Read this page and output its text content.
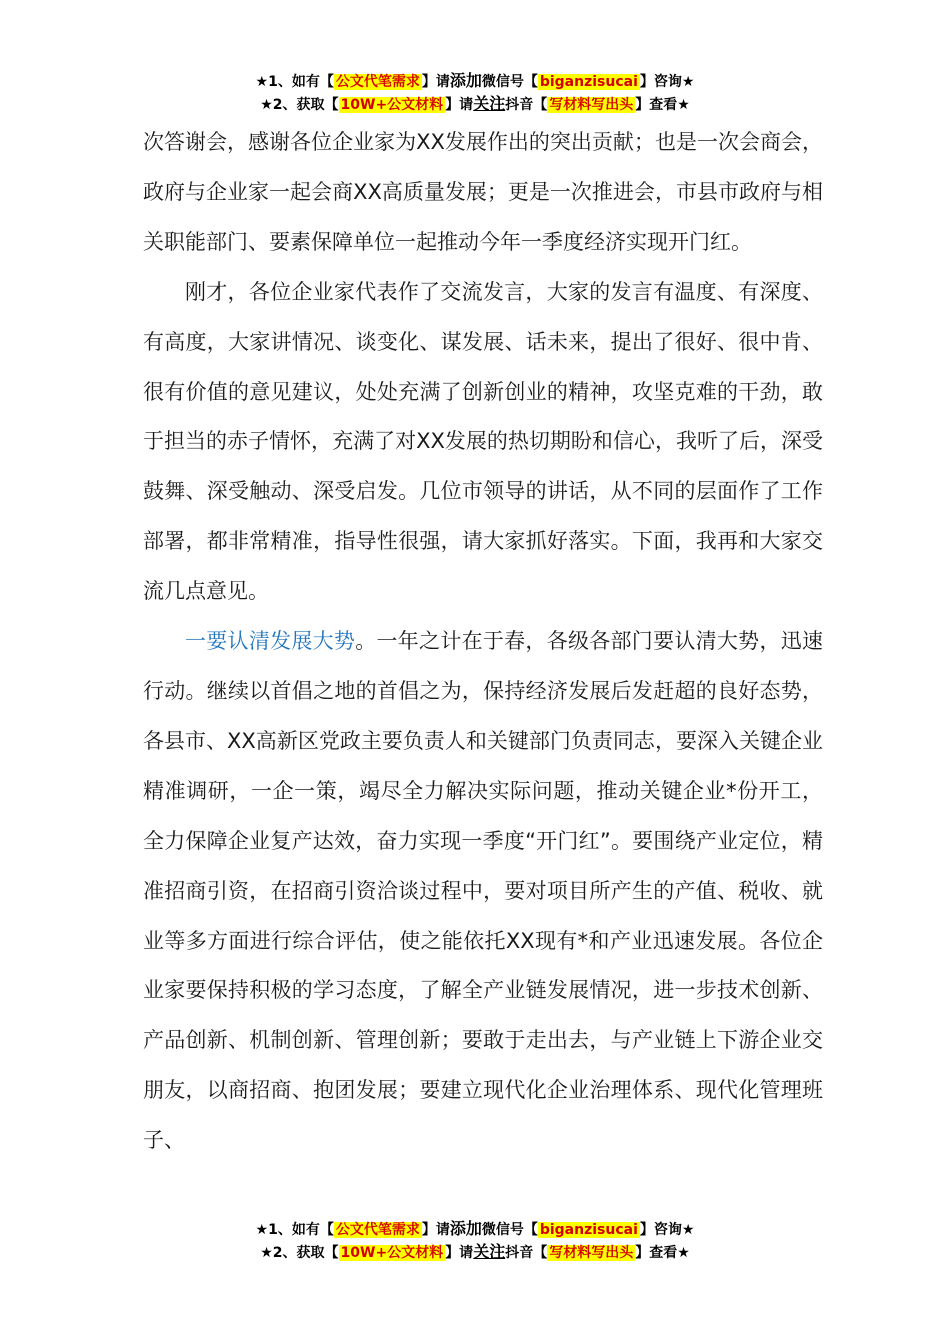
★1、如有【 公文代笔需求 】请添加微信号【 biganzisucai 】咨询★
★2、获取【 10W+公文材料 】请关注抖音【 写材料写出头 】查看★

次答谢会，感谢各位企业家为XX发展作出的突出贡献；也是一次会商会，政府与企业家一起会商XX高质量发展；更是一次推进会，市县市政府与相关职能部门、要素保障单位一起推动今年一季度经济实现开门红。

刚才，各位企业家代表作了交流发言，大家的发言有温度、有深度、有高度，大家讲情况、谈变化、谋发展、话未来，提出了很好、很中肯、很有价值的意见建议，处处充满了创新创业的精神，攻坚克难的干劲，敢于担当的赤子情怀，充满了对XX发展的热切期盼和信心，我听了后，深受鼓舞、深受触动、深受启发。几位市领导的讲话，从不同的层面作了工作部署，都非常精准，指导性很强，请大家抓好落实。下面，我再和大家交流几点意见。

一要认清发展大势。一年之计在于春，各级各部门要认清大势，迅速行动。继续以首倡之地的首倡之为，保持经济发展后发赶超的良好态势，各县市、XX高新区党政主要负责人和关键部门负责同志，要深入关键企业精准调研，一企一策，竭尽全力解决实际问题，推动关键企业*份开工，全力保障企业复产达效，奋力实现一季度“开门红”。要围绕产业定位，精准招商引资，在招商引资洽谈过程中，要对项目所产生的产值、税收、就业等多方面进行综合评估，使之能依托XX现有*和产业迅速发展。各位企业家要保持积极的学习态度，了解全产业链发展情况，进一步技术创新、产品创新、机制创新、管理创新；要敢于走出去，与产业链上下游企业交朋友，以商招商、抱团发展；要建立现代化企业治理体系、现代化管理班子、

★1、如有【 公文代笔需求 】请添加微信号【 biganzisucai 】咨询★
★2、获取【 10W+公文材料 】请关注抖音【 写材料写出头 】查看★
